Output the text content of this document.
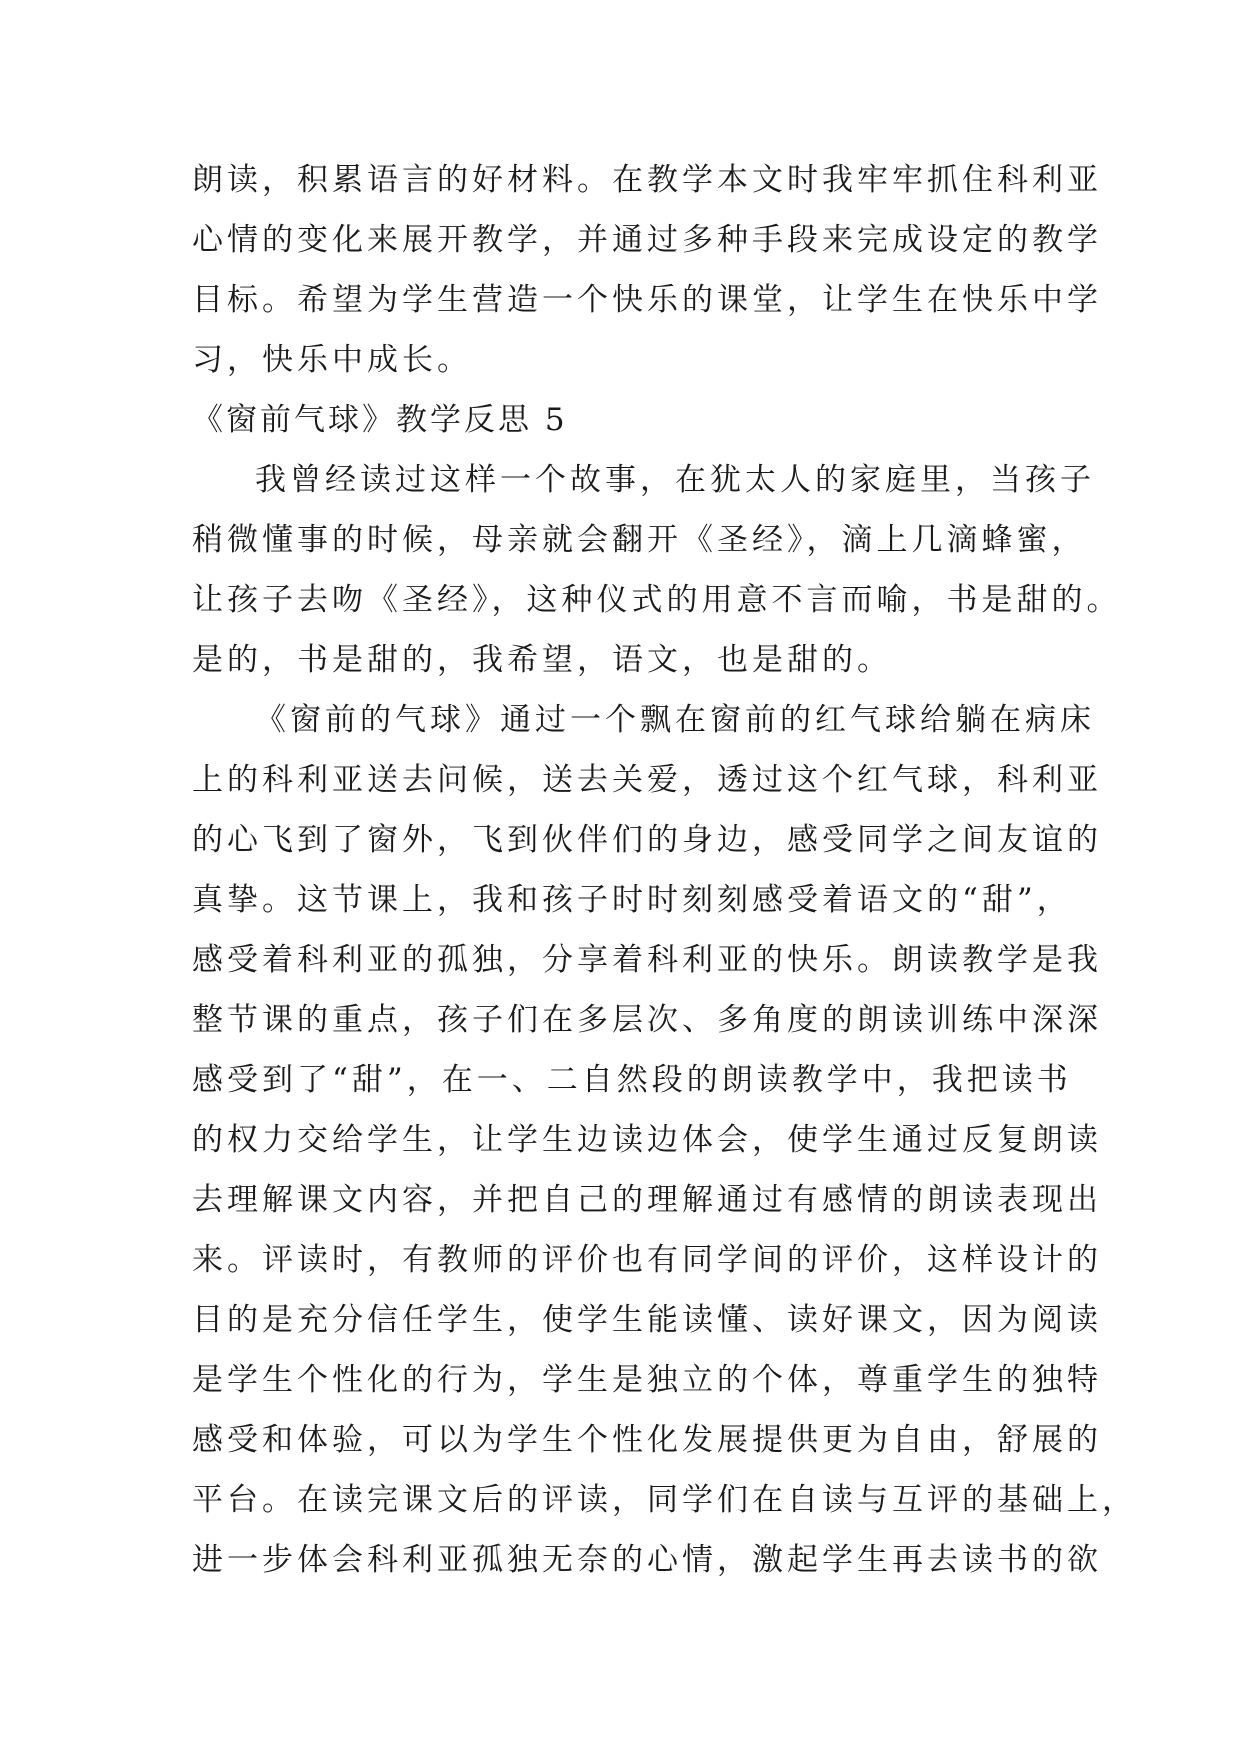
朗读，积累语言的好材料。在教学本文时我牢牢抓住科利亚
心情的变化来展开教学，并通过多种手段来完成设定的教学
目标。希望为学生营造一个快乐的课堂，让学生在快乐中学
习，快乐中成长。
《窗前气球》教学反思 5
我曾经读过这样一个故事，在犹太人的家庭里，当孩子
稍微懂事的时候，母亲就会翻开《圣经》，滴上几滴蜂蜜，
让孩子去吻《圣经》，这种仪式的用意不言而喻，书是甜的。
是的，书是甜的，我希望，语文，也是甜的。
《窗前的气球》通过一个飘在窗前的红气球给躺在病床
上的科利亚送去问候，送去关爱，透过这个红气球，科利亚
的心飞到了窗外，飞到伙伴们的身边，感受同学之间友谊的
真挚。这节课上，我和孩子时时刻刻感受着语文的“甜”，
感受着科利亚的孤独，分享着科利亚的快乐。朗读教学是我
整节课的重点，孩子们在多层次、多角度的朗读训练中深深
感受到了“甜”，在一、二自然段的朗读教学中，我把读书
的权力交给学生，让学生边读边体会，使学生通过反复朗读
去理解课文内容，并把自己的理解通过有感情的朗读表现出
来。评读时，有教师的评价也有同学间的评价，这样设计的
目的是充分信任学生，使学生能读懂、读好课文，因为阅读
是学生个性化的行为，学生是独立的个体，尊重学生的独特
感受和体验，可以为学生个性化发展提供更为自由，舒展的
平台。在读完课文后的评读，同学们在自读与互评的基础上，
进一步体会科利亚孤独无奈的心情，激起学生再去读书的欲
